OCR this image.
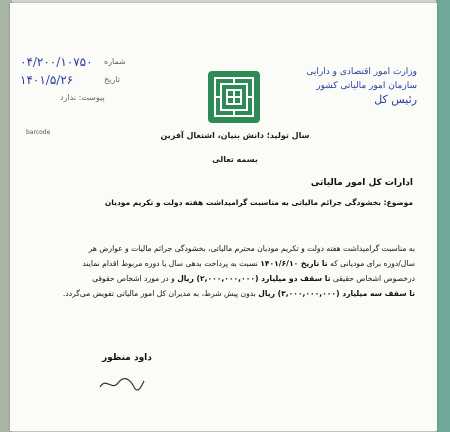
۰۴/۲۰۰/۱۰۷۵۰ شماره
۱۴۰۱/۵/۲۶	تاریخ
پیوست: ندارد
وزارت امور اقتصادی و دارایی
سازمان امور مالیاتی کشور
رئیس کل
سال تولید؛ دانش بنیان، اشتغال آفرین
barcode
بسمه تعالی
ادارات کل امور مالیاتی
موضوع: بخشودگی جرائم مالیاتی به مناسبت گرامیداشت هفته دولت و تکریم مودیان

به مناسبت گرامیداشت هفته دولت و تکریم مودیان محترم مالیاتی، بخشودگی جرائم مالیات و عوارض هر

سال/دوره برای مودیانی که تا تاریخ ۱۴۰۱/۶/۱۰ نسبت به پرداخت بدهی سال یا دوره مربوط اقدام نمایند

درخصوص اشخاص حقیقی تا سقف دو میلیارد (۲,۰۰۰,۰۰۰,۰۰۰) ریال و در مورد اشخاص حقوقی

تا سقف سه میلیارد (۳,۰۰۰,۰۰۰,۰۰۰) ریال بدون پیش شرط، به مدیران کل امور مالیاتی تفویض می‌گردد.

داود منظور
